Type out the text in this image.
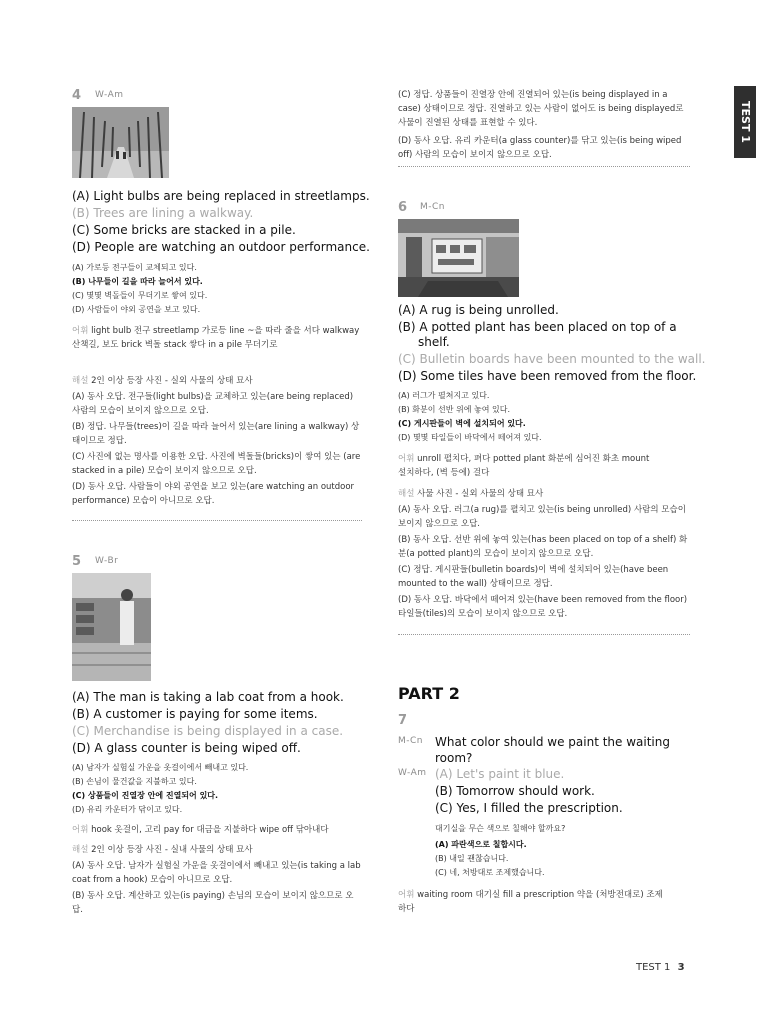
4 W-Am
(A) Light bulbs are being replaced in streetlamps.
(B) Trees are lining a walkway.
(C) Some bricks are stacked in a pile.
(D) People are watching an outdoor performance.
(A) 가로등 전구들이 교체되고 있다.
(B) 나무들이 길을 따라 늘어서 있다.
(C) 몇몇 벽돌들이 무더기로 쌓여 있다.
(D) 사람들이 야외 공연을 보고 있다.
어휘 light bulb 전구 streetlamp 가로등 line ~을 따라 줄을 서다 walkway 산책길, 보도 brick 벽돌 stack 쌓다 in a pile 무더기로
해설 2인 이상 등장 사진 - 실외 사물의 상태 묘사
(A) 동사 오답. 전구들(light bulbs)을 교체하고 있는(are being replaced) 사람의 모습이 보이지 않으므로 오답.
(B) 정답. 나무들(trees)이 길을 따라 늘어서 있는(are lining a walkway) 상태이므로 정답.
(C) 사진에 없는 명사를 이용한 오답. 사진에 벽돌들(bricks)이 쌓여 있는 (are stacked in a pile) 모습이 보이지 않으므로 오답.
(D) 동사 오답. 사람들이 야외 공연을 보고 있는(are watching an outdoor performance) 모습이 아니므로 오답.
5 W-Br
(A) The man is taking a lab coat from a hook.
(B) A customer is paying for some items.
(C) Merchandise is being displayed in a case.
(D) A glass counter is being wiped off.
(A) 남자가 실험실 가운을 옷걸이에서 빼내고 있다.
(B) 손님이 물건값을 지불하고 있다.
(C) 상품들이 진열장 안에 진열되어 있다.
(D) 유리 카운터가 닦이고 있다.
어휘 hook 옷걸이, 고리 pay for 대금을 지불하다 wipe off 닦아내다
해설 2인 이상 등장 사진 - 실내 사물의 상태 묘사
(A) 동사 오답. 남자가 실험실 가운을 옷걸이에서 빼내고 있는(is taking a lab coat from a hook) 모습이 아니므로 오답.
(B) 동사 오답. 계산하고 있는(is paying) 손님의 모습이 보이지 않으므로 오답.
(C) 정답. 상품들이 진열장 안에 진열되어 있는(is being displayed in a case) 상태이므로 정답. 진열하고 있는 사람이 없어도 is being displayed로 사물이 진열된 상태를 표현할 수 있다.
(D) 동사 오답. 유리 카운터(a glass counter)를 닦고 있는(is being wiped off) 사람의 모습이 보이지 않으므로 오답.
6 M-Cn
(A) A rug is being unrolled.
(B) A potted plant has been placed on top of a
shelf.
(C) Bulletin boards have been mounted to the wall.
(D) Some tiles have been removed from the floor.
(A) 러그가 펼쳐지고 있다.
(B) 화분이 선반 위에 놓여 있다.
(C) 게시판들이 벽에 설치되어 있다.
(D) 몇몇 타일들이 바닥에서 떼어져 있다.
어휘 unroll 펼치다, 펴다 potted plant 화분에 심어진 화초 mount 설치하다, (벽 등에) 걸다
해설 사물 사진 - 실외 사물의 상태 묘사
(A) 동사 오답. 러그(a rug)를 펼치고 있는(is being unrolled) 사람의 모습이 보이지 않으므로 오답.
(B) 동사 오답. 선반 위에 놓여 있는(has been placed on top of a shelf) 화분(a potted plant)의 모습이 보이지 않으므로 오답.
(C) 정답. 게시판들(bulletin boards)이 벽에 설치되어 있는(have been mounted to the wall) 상태이므로 정답.
(D) 동사 오답. 바닥에서 떼어져 있는(have been removed from the floor) 타일들(tiles)의 모습이 보이지 않으므로 오답.
PART 2
7
M-Cn What color should we paint the waiting
room?
W-Am (A) Let's paint it blue.
(B) Tomorrow should work.
(C) Yes, I filled the prescription.
대기실을 무슨 색으로 칠해야 할까요?
(A) 파란색으로 칠합시다.
(B) 내일 괜찮습니다.
(C) 네, 처방대로 조제했습니다.
어휘 waiting room 대기실 fill a prescription 약을 (처방전대로) 조제하다
TEST 1
TEST 1 3
